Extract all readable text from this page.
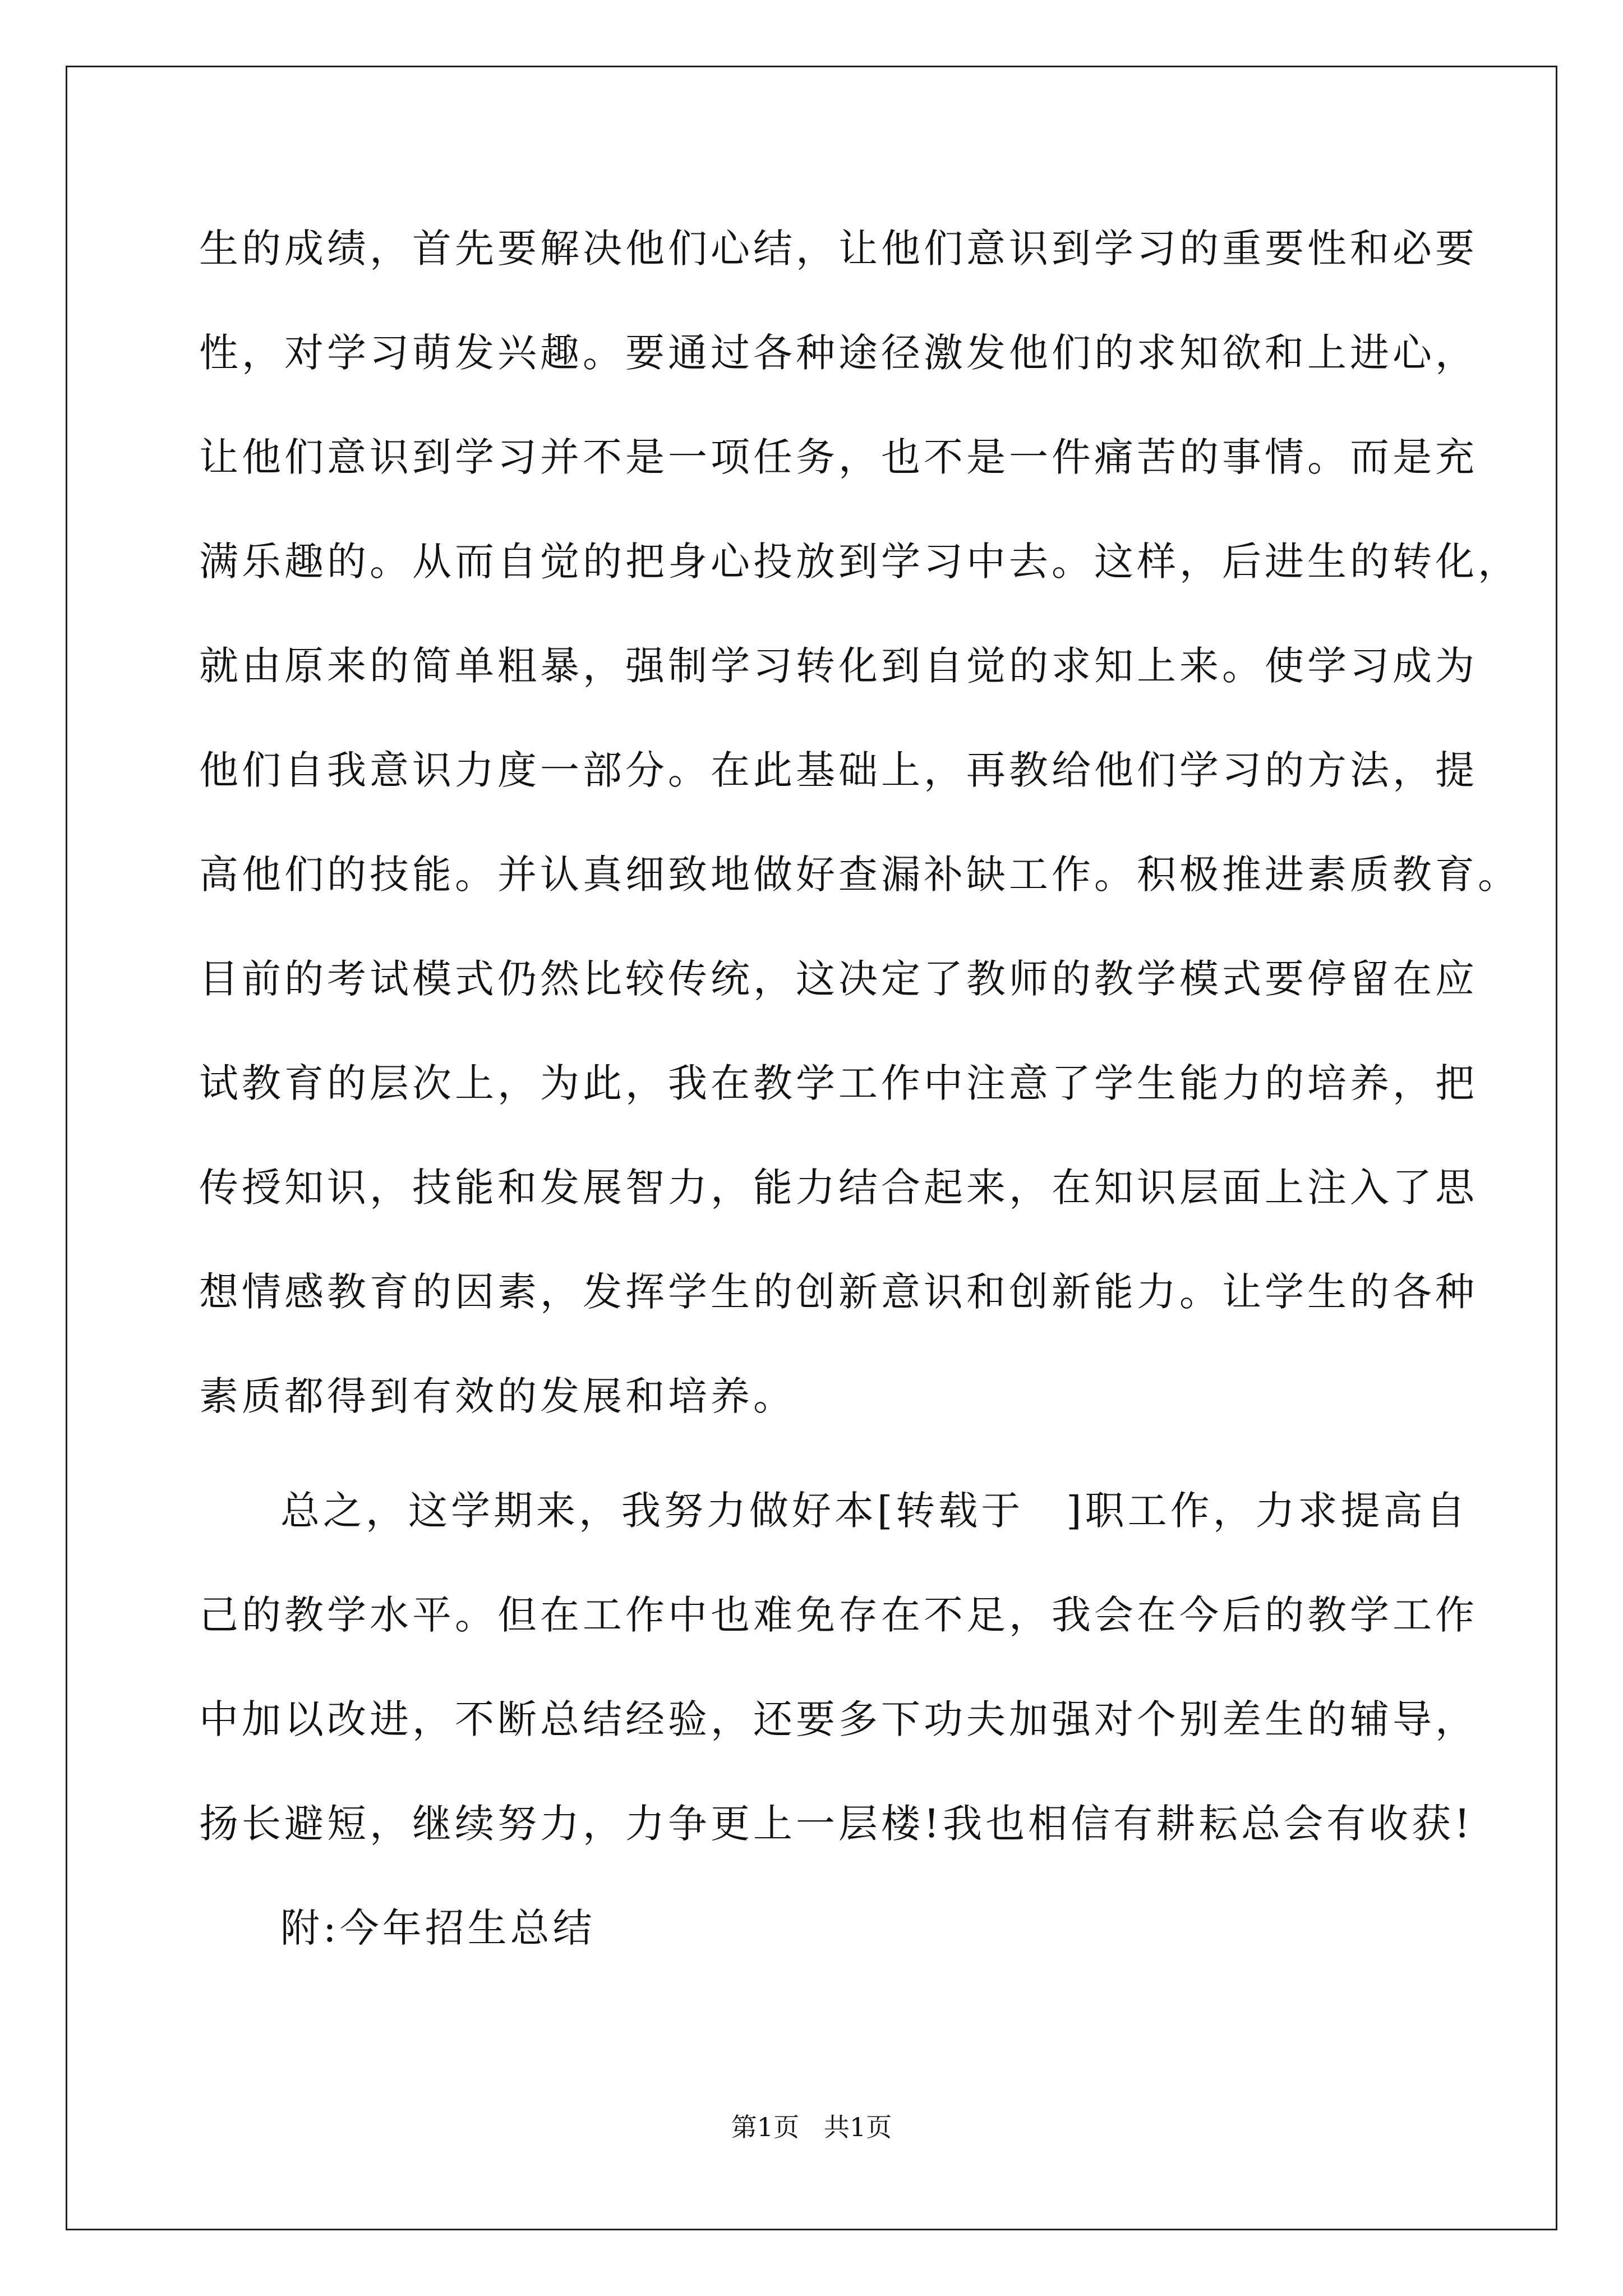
生的成绩，首先要解决他们心结，让他们意识到学习的重要性和必要
性，对学习萌发兴趣。要通过各种途径激发他们的求知欲和上进心，
让他们意识到学习并不是一项任务，也不是一件痛苦的事情。而是充
满乐趣的。从而自觉的把身心投放到学习中去。这样，后进生的转化，
就由原来的简单粗暴，强制学习转化到自觉的求知上来。使学习成为
他们自我意识力度一部分。在此基础上，再教给他们学习的方法，提
高他们的技能。并认真细致地做好查漏补缺工作。积极推进素质教育。
目前的考试模式仍然比较传统，这决定了教师的教学模式要停留在应
试教育的层次上，为此，我在教学工作中注意了学生能力的培养，把
传授知识，技能和发展智力，能力结合起来，在知识层面上注入了思
想情感教育的因素，发挥学生的创新意识和创新能力。让学生的各种
素质都得到有效的发展和培养。
总之，这学期来，我努力做好本[转载于　]职工作，力求提高自
己的教学水平。但在工作中也难免存在不足，我会在今后的教学工作
中加以改进，不断总结经验，还要多下功夫加强对个别差生的辅导，
扬长避短，继续努力，力争更上一层楼!我也相信有耕耘总会有收获!
附:今年招生总结
第1页   共1页
